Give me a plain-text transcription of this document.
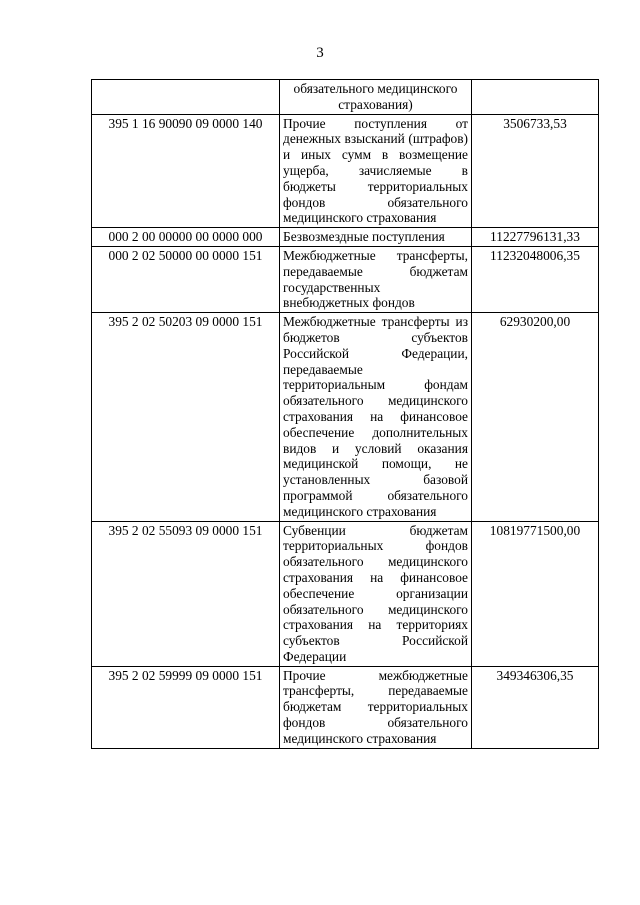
3
	обязательного медицинского страхования)	
395 1 16 90090 09 0000 140	Прочие поступления от денежных взысканий (штрафов) и иных сумм в возмещение ущерба, зачисляемые в бюджеты территориальных фондов обязательного медицинского страхования	3506733,53
000 2 00 00000 00 0000 000	Безвозмездные поступления	11227796131,33
000 2 02 50000 00 0000 151	Межбюджетные трансферты, передаваемые бюджетам государственных внебюджетных фондов	11232048006,35
395 2 02 50203 09 0000 151	Межбюджетные трансферты из бюджетов субъектов Российской Федерации, передаваемые территориальным фондам обязательного медицинского страхования на финансовое обеспечение дополнительных видов и условий оказания медицинской помощи, не установленных базовой программой обязательного медицинского страхования	62930200,00
395 2 02 55093 09 0000 151	Субвенции бюджетам территориальных фондов обязательного медицинского страхования на финансовое обеспечение организации обязательного медицинского страхования на территориях субъектов Российской Федерации	10819771500,00
395 2 02 59999 09 0000 151	Прочие межбюджетные трансферты, передаваемые бюджетам территориальных фондов обязательного медицинского страхования	349346306,35
